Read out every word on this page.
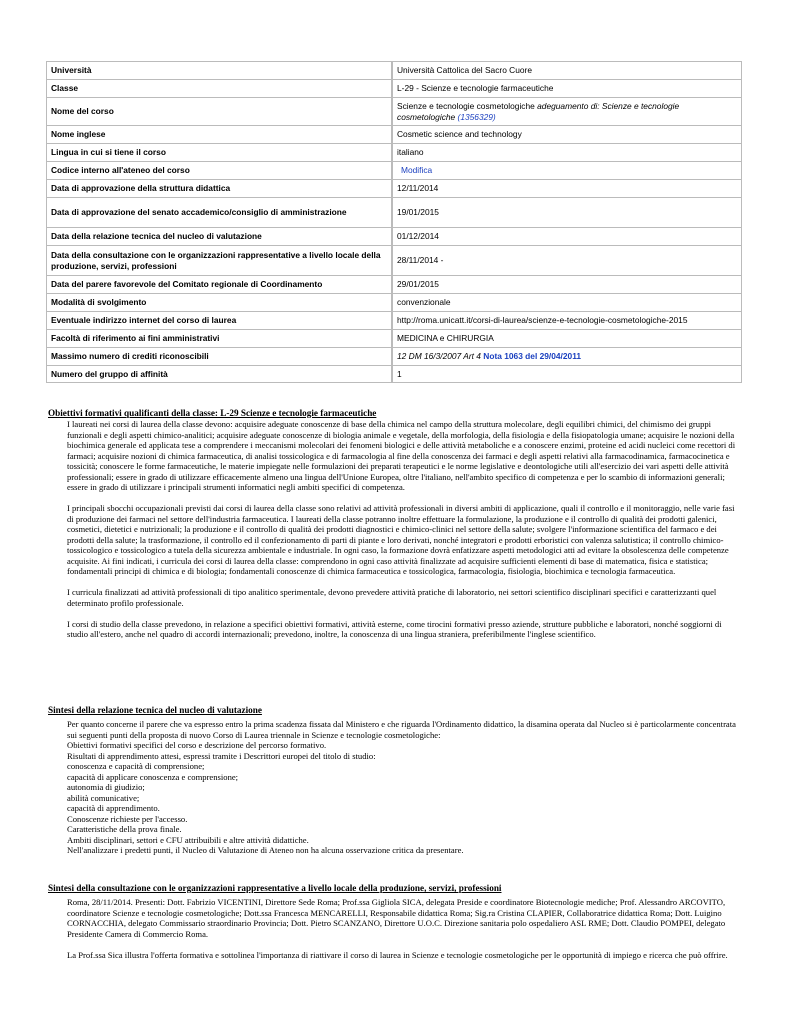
Università	Università Cattolica del Sacro Cuore
Classe	L-29 - Scienze e tecnologie farmaceutiche
Nome del corso	Scienze e tecnologie cosmetologiche adeguamento di: Scienze e tecnologie cosmetologiche (1356329)
Nome inglese	Cosmetic science and technology
Lingua in cui si tiene il corso	italiano
Codice interno all'ateneo del corso	Modifica
Data di approvazione della struttura didattica	12/11/2014
Data di approvazione del senato accademico/consiglio di amministrazione	19/01/2015
Data della relazione tecnica del nucleo di valutazione	01/12/2014
Data della consultazione con le organizzazioni rappresentative a livello locale della produzione, servizi, professioni	28/11/2014 -
Data del parere favorevole del Comitato regionale di Coordinamento	29/01/2015
Modalità di svolgimento	convenzionale
Eventuale indirizzo internet del corso di laurea	http://roma.unicatt.it/corsi-di-laurea/scienze-e-tecnologie-cosmetologiche-2015
Facoltà di riferimento ai fini amministrativi	MEDICINA e CHIRURGIA
Massimo numero di crediti riconoscibili	12 DM 16/3/2007 Art 4 Nota 1063 del 29/04/2011
Numero del gruppo di affinità	1
Obiettivi formativi qualificanti della classe: L-29 Scienze e tecnologie farmaceutiche

I laureati nei corsi di laurea della classe devono: acquisire adeguate conoscenze di base della chimica nel campo della struttura molecolare, degli equilibri chimici, del chimismo dei gruppi funzionali e degli aspetti chimico-analitici; acquisire adeguate conoscenze di biologia animale e vegetale, della morfologia, della fisiologia e della fisiopatologia umane; acquisire le nozioni della biochimica generale ed applicata tese a comprendere i meccanismi molecolari dei fenomeni biologici e delle attività metaboliche e a conoscere enzimi, proteine ed acidi nucleici come recettori di farmaci; acquisire nozioni di chimica farmaceutica, di analisi tossicologica e di farmacologia al fine della conoscenza dei farmaci e degli aspetti relativi alla farmacodinamica, farmacocinetica e tossicità; conoscere le forme farmaceutiche, le materie impiegate nelle formulazioni dei preparati terapeutici e le norme legislative e deontologiche utili all'esercizio dei vari aspetti delle attività professionali; essere in grado di utilizzare efficacemente almeno una lingua dell'Unione Europea, oltre l'italiano, nell'ambito specifico di competenza e per lo scambio di informazioni generali; essere in grado di utilizzare i principali strumenti informatici negli ambiti specifici di competenza.

I principali sbocchi occupazionali previsti dai corsi di laurea della classe sono relativi ad attività professionali in diversi ambiti di applicazione, quali il controllo e il monitoraggio, nelle varie fasi di produzione dei farmaci nel settore dell'industria farmaceutica. I laureati della classe potranno inoltre effettuare la formulazione, la produzione e il controllo di qualità dei prodotti galenici, cosmetici, dietetici e nutrizionali; la produzione e il controllo di qualità dei prodotti diagnostici e chimico-clinici nel settore della salute; svolgere l'informazione scientifica del farmaco e dei prodotti della salute; la trasformazione, il controllo ed il confezionamento di parti di piante e loro derivati, nonché integratori e prodotti erboristici con valenza salutistica; il controllo chimico-tossicologico e tossicologico a tutela della sicurezza ambientale e industriale. In ogni caso, la formazione dovrà enfatizzare aspetti metodologici atti ad evitare la obsolescenza delle competenze acquisite. Ai fini indicati, i curricula dei corsi di laurea della classe: comprendono in ogni caso attività finalizzate ad acquisire sufficienti elementi di base di matematica, fisica e statistica; fondamentali principi di chimica e di biologia; fondamentali conoscenze di chimica farmaceutica e tossicologica, farmacologia, fisiologia, biochimica e tecnologia farmaceutica.

I curricula finalizzati ad attività professionali di tipo analitico sperimentale, devono prevedere attività pratiche di laboratorio, nei settori scientifico disciplinari specifici e caratterizzanti quel determinato profilo professionale.

I corsi di studio della classe prevedono, in relazione a specifici obiettivi formativi, attività esterne, come tirocini formativi presso aziende, strutture pubbliche e laboratori, nonché soggiorni di studio all'estero, anche nel quadro di accordi internazionali; prevedono, inoltre, la conoscenza di una lingua straniera, preferibilmente l'inglese scientifico.

Sintesi della relazione tecnica del nucleo di valutazione
Per quanto concerne il parere che va espresso entro la prima scadenza fissata dal Ministero e che riguarda l'Ordinamento didattico, la disamina operata dal Nucleo si è particolarmente concentrata sui seguenti punti della proposta di nuovo Corso di Laurea triennale in Scienze e tecnologie cosmetologiche:
Obiettivi formativi specifici del corso e descrizione del percorso formativo.
Risultati di apprendimento attesi, espressi tramite i Descrittori europei del titolo di studio:
conoscenza e capacità di comprensione;
capacità di applicare conoscenza e comprensione;
autonomia di giudizio;
abilità comunicative;
capacità di apprendimento.
Conoscenze richieste per l'accesso.
Caratteristiche della prova finale.
Ambiti disciplinari, settori e CFU attribuibili e altre attività didattiche.
Nell'analizzare i predetti punti, il Nucleo di Valutazione di Ateneo non ha alcuna osservazione critica da presentare.
Sintesi della consultazione con le organizzazioni rappresentative a livello locale della produzione, servizi, professioni

Roma, 28/11/2014. Presenti: Dott. Fabrizio VICENTINI, Direttore Sede Roma; Prof.ssa Gigliola SICA, delegata Preside e coordinatore Biotecnologie mediche; Prof. Alessandro ARCOVITO, coordinatore Scienze e tecnologie cosmetologiche; Dott.ssa Francesca MENCARELLI, Responsabile didattica Roma; Sig.ra Cristina CLAPIER, Collaboratrice didattica Roma; Dott. Luigino CORNACCHIA, delegato Commissario straordinario Provincia; Dott. Pietro SCANZANO, Direttore U.O.C. Direzione sanitaria polo ospedaliero ASL RME; Dott. Claudio POMPEI, delegato Presidente Camera di Commercio Roma.

La Prof.ssa Sica illustra l'offerta formativa e sottolinea l'importanza di riattivare il corso di laurea in Scienze e tecnologie cosmetologiche per le opportunità di impiego e ricerca che può offrire.
